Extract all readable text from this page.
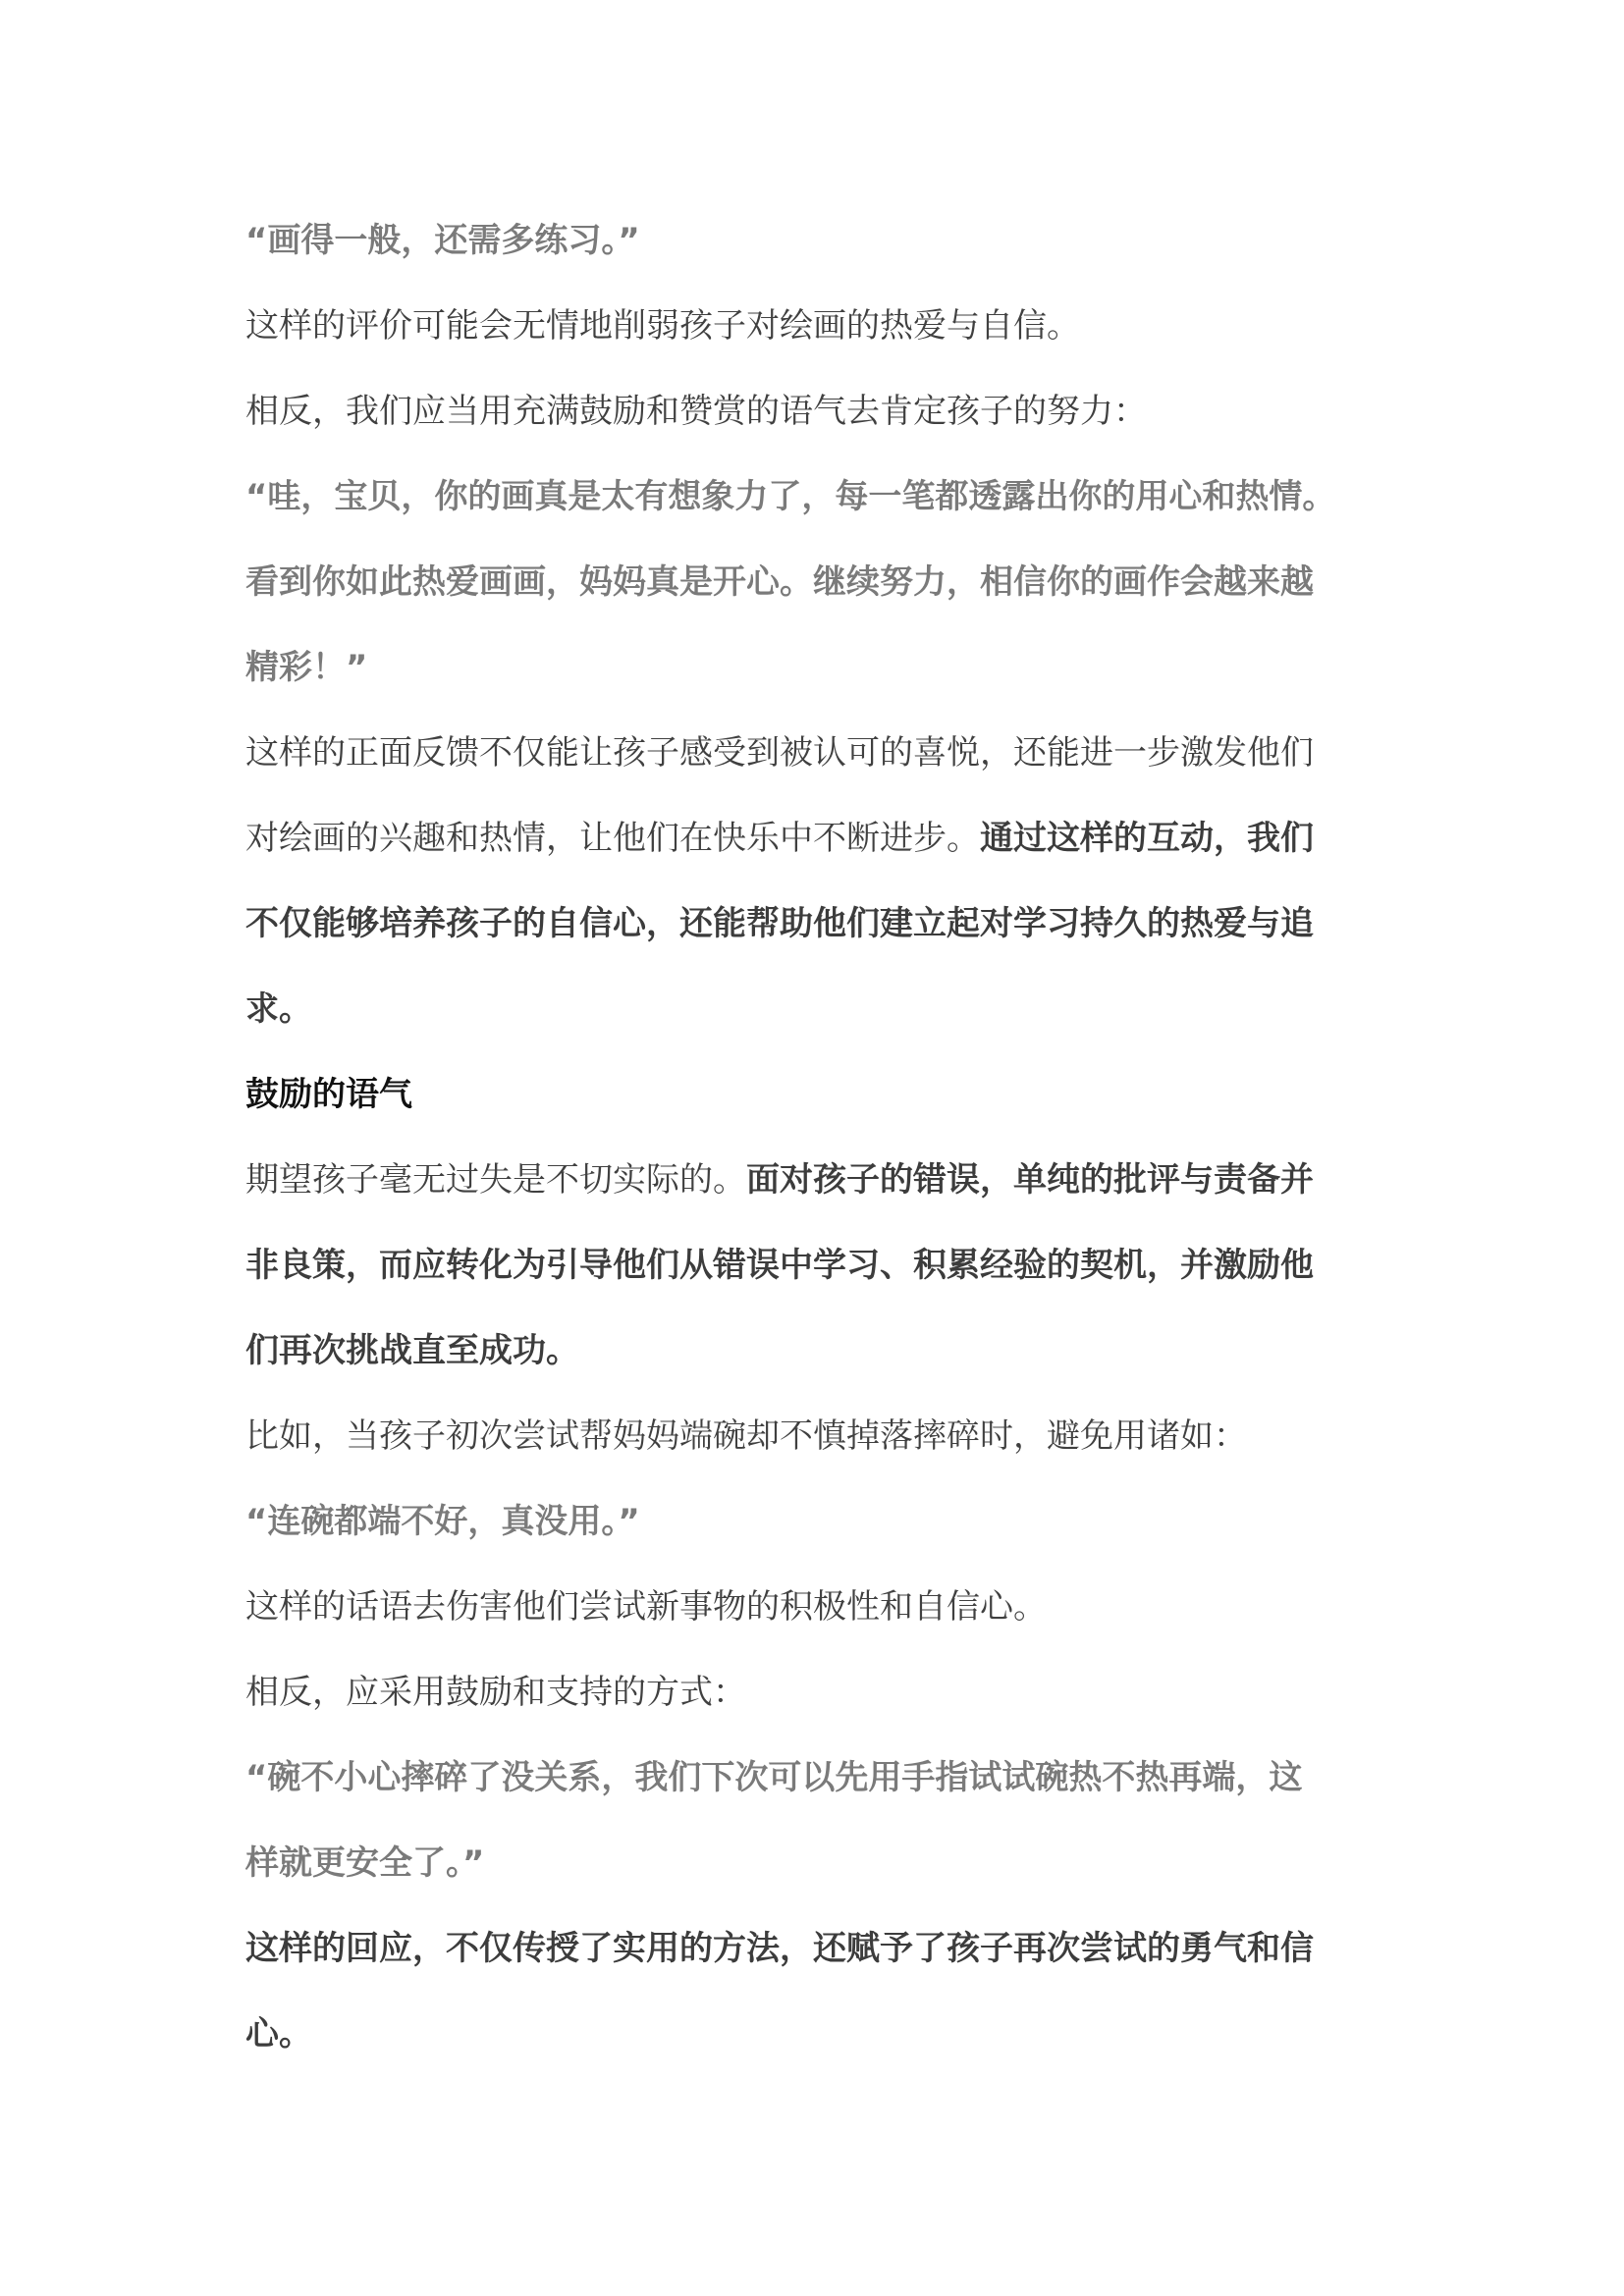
“画得一般，还需多练习。”

这样的评价可能会无情地削弱孩子对绘画的热爱与自信。

相反，我们应当用充满鼓励和赞赏的语气去肯定孩子的努力：

“哇，宝贝，你的画真是太有想象力了，每一笔都透露出你的用心和热情。

看到你如此热爱画画，妈妈真是开心。继续努力，相信你的画作会越来越

精彩！”

这样的正面反馈不仅能让孩子感受到被认可的喜悦，还能进一步激发他们

对绘画的兴趣和热情，让他们在快乐中不断进步。通过这样的互动，我们

不仅能够培养孩子的自信心，还能帮助他们建立起对学习持久的热爱与追

求。

鼓励的语气

期望孩子毫无过失是不切实际的。面对孩子的错误，单纯的批评与责备并

非良策，而应转化为引导他们从错误中学习、积累经验的契机，并激励他

们再次挑战直至成功。

比如，当孩子初次尝试帮妈妈端碗却不慎掉落摔碎时，避免用诸如：

“连碗都端不好，真没用。”

这样的话语去伤害他们尝试新事物的积极性和自信心。

相反，应采用鼓励和支持的方式：

“碗不小心摔碎了没关系，我们下次可以先用手指试试碗热不热再端，这

样就更安全了。”

这样的回应，不仅传授了实用的方法，还赋予了孩子再次尝试的勇气和信

心。
